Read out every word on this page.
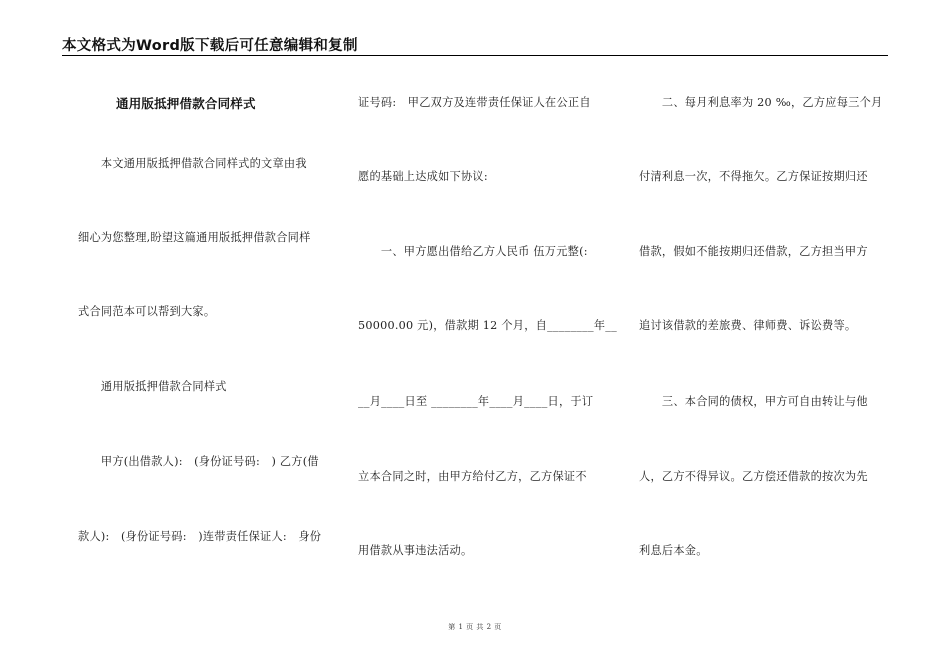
本文格式为Word版下载后可任意编辑和复制
通用版抵押借款合同样式
　　本文通用版抵押借款合同样式的文章由我
细心为您整理,盼望这篇通用版抵押借款合同样
式合同范本可以帮到大家。
　　通用版抵押借款合同样式
　　甲方(出借款人):　(身份证号码:　) 乙方(借
款人):　(身份证号码:　)连带责任保证人:　身份
证号码:　甲乙双方及连带责任保证人在公正自
愿的基础上达成如下协议:
　　一、甲方愿出借给乙方人民币 伍万元整(:
50000.00 元)，借款期 12 个月，自________年__
__月____日至 ________年____月____日，于订
立本合同之时，由甲方给付乙方，乙方保证不
用借款从事违法活动。
　　二、每月利息率为 20 ‰，乙方应每三个月
付清利息一次，不得拖欠。乙方保证按期归还
借款，假如不能按期归还借款，乙方担当甲方
追讨该借款的差旅费、律师费、诉讼费等。
　　三、本合同的债权，甲方可自由转让与他
人，乙方不得异议。乙方偿还借款的按次为先
利息后本金。
第 1 页 共 2 页
